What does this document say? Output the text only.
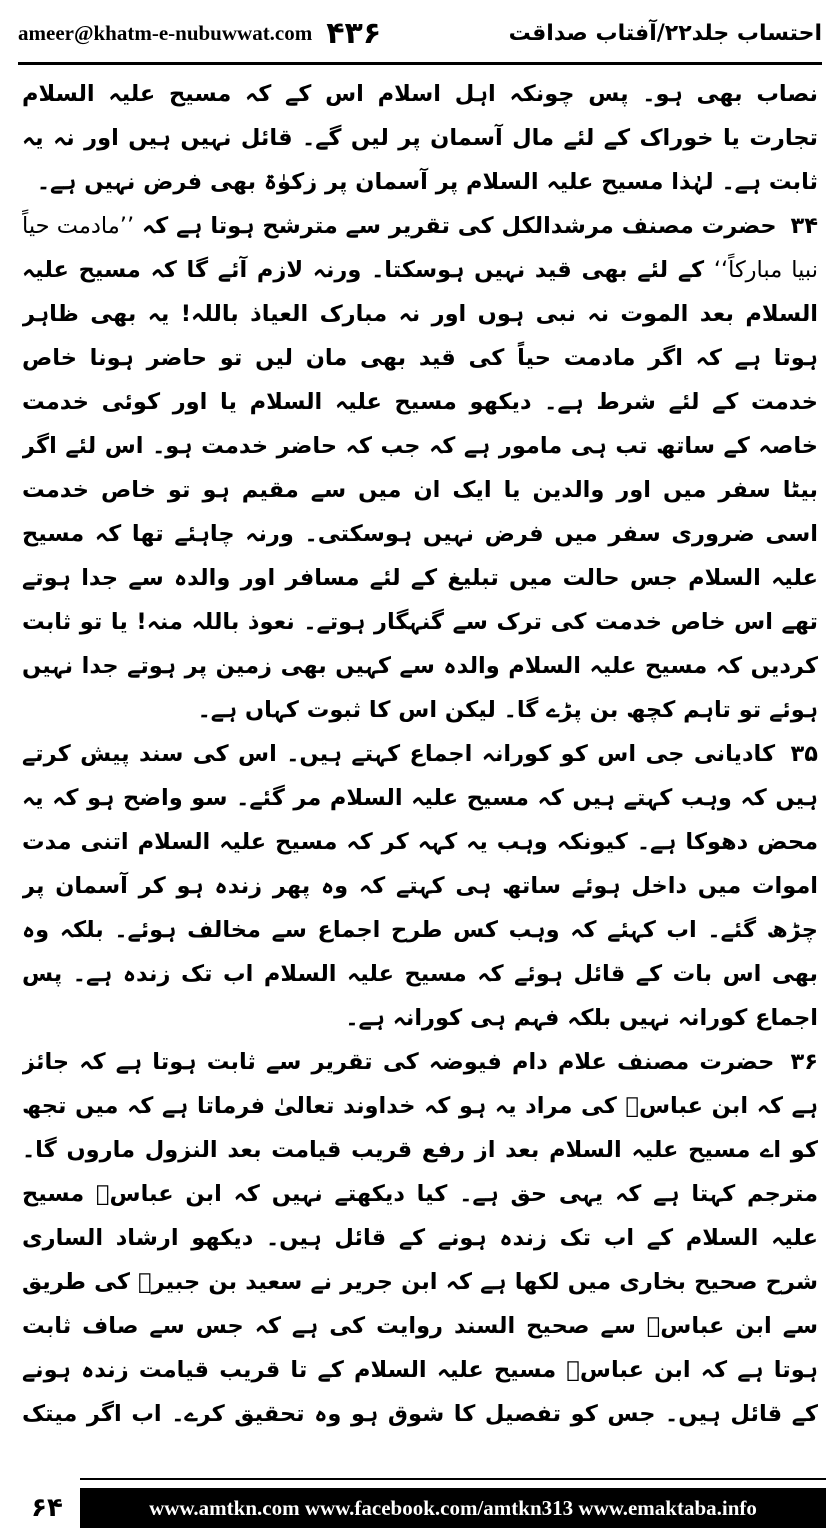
ameer@khatm-e-nubuwwat.com ۴۳۶	احتساب جلد۲۲/آفتاب صداقت

نصاب بھی ہو۔ پس چونکہ اہل اسلام اس کے کہ مسیح علیہ السلام تجارت یا خوراک کے لئے مال آسمان پر لیں گے۔ قائل نہیں ہیں اور نہ یہ ثابت ہے۔ لہٰذا مسیح علیہ السلام پر آسمان پر زکوٰۃ بھی فرض نہیں ہے۔

۳۴ حضرت مصنف مرشدالکل کی تقریر سے مترشح ہوتا ہے کہ ’’مادمت حیاً نبیا مبارکاً‘‘ کے لئے بھی قید نہیں ہوسکتا۔ ورنہ لازم آئے گا کہ مسیح علیہ السلام بعد الموت نہ نبی ہوں اور نہ مبارک العیاذ باللہ! یہ بھی ظاہر ہوتا ہے کہ اگر مادمت حیاً کی قید بھی مان لیں تو حاضر ہونا خاص خدمت کے لئے شرط ہے۔ دیکھو مسیح علیہ السلام یا اور کوئی خدمت خاصہ کے ساتھ تب ہی مامور ہے کہ جب کہ حاضر خدمت ہو۔ اس لئے اگر بیٹا سفر میں اور والدین یا ایک ان میں سے مقیم ہو تو خاص خدمت اسی ضروری سفر میں فرض نہیں ہوسکتی۔ ورنہ چاہئے تھا کہ مسیح علیہ السلام جس حالت میں تبلیغ کے لئے مسافر اور والدہ سے جدا ہوتے تھے اس خاص خدمت کی ترک سے گنہگار ہوتے۔ نعوذ باللہ منہ! یا تو ثابت کردیں کہ مسیح علیہ السلام والدہ سے کہیں بھی زمین پر ہوتے جدا نہیں ہوئے تو تاہم کچھ بن پڑے گا۔ لیکن اس کا ثبوت کہاں ہے۔

۳۵ کادیانی جی اس کو کورانہ اجماع کہتے ہیں۔ اس کی سند پیش کرتے ہیں کہ وہب کہتے ہیں کہ مسیح علیہ السلام مر گئے۔ سو واضح ہو کہ یہ محض دھوکا ہے۔ کیونکہ وہب یہ کہہ کر کہ مسیح علیہ السلام اتنی مدت اموات میں داخل ہوئے ساتھ ہی کہتے کہ وہ پھر زندہ ہو کر آسمان پر چڑھ گئے۔ اب کہئے کہ وہب کس طرح اجماع سے مخالف ہوئے۔ بلکہ وہ بھی اس بات کے قائل ہوئے کہ مسیح علیہ السلام اب تک زندہ ہے۔ پس اجماع کورانہ نہیں بلکہ فہم ہی کورانہ ہے۔

۳۶ حضرت مصنف علام دام فیوضہ کی تقریر سے ثابت ہوتا ہے کہ جائز ہے کہ ابن عباسؓ کی مراد یہ ہو کہ خداوند تعالیٰ فرماتا ہے کہ میں تجھ کو اے مسیح علیہ السلام بعد از رفع قریب قیامت بعد النزول ماروں گا۔ مترجم کہتا ہے کہ یہی حق ہے۔ کیا دیکھتے نہیں کہ ابن عباسؓ مسیح علیہ السلام کے اب تک زندہ ہونے کے قائل ہیں۔ دیکھو ارشاد الساری شرح صحیح بخاری میں لکھا ہے کہ ابن جریر نے سعید بن جبیرؓ کی طریق سے ابن عباسؓ سے صحیح السند روایت کی ہے کہ جس سے صاف ثابت ہوتا ہے کہ ابن عباسؓ مسیح علیہ السلام کے تا قریب قیامت زندہ ہونے کے قائل ہیں۔ جس کو تفصیل کا شوق ہو وہ تحقیق کرے۔ اب اگر میتک

۶۴	www.amtkn.com www.facebook.com/amtkn313 www.emaktaba.info
